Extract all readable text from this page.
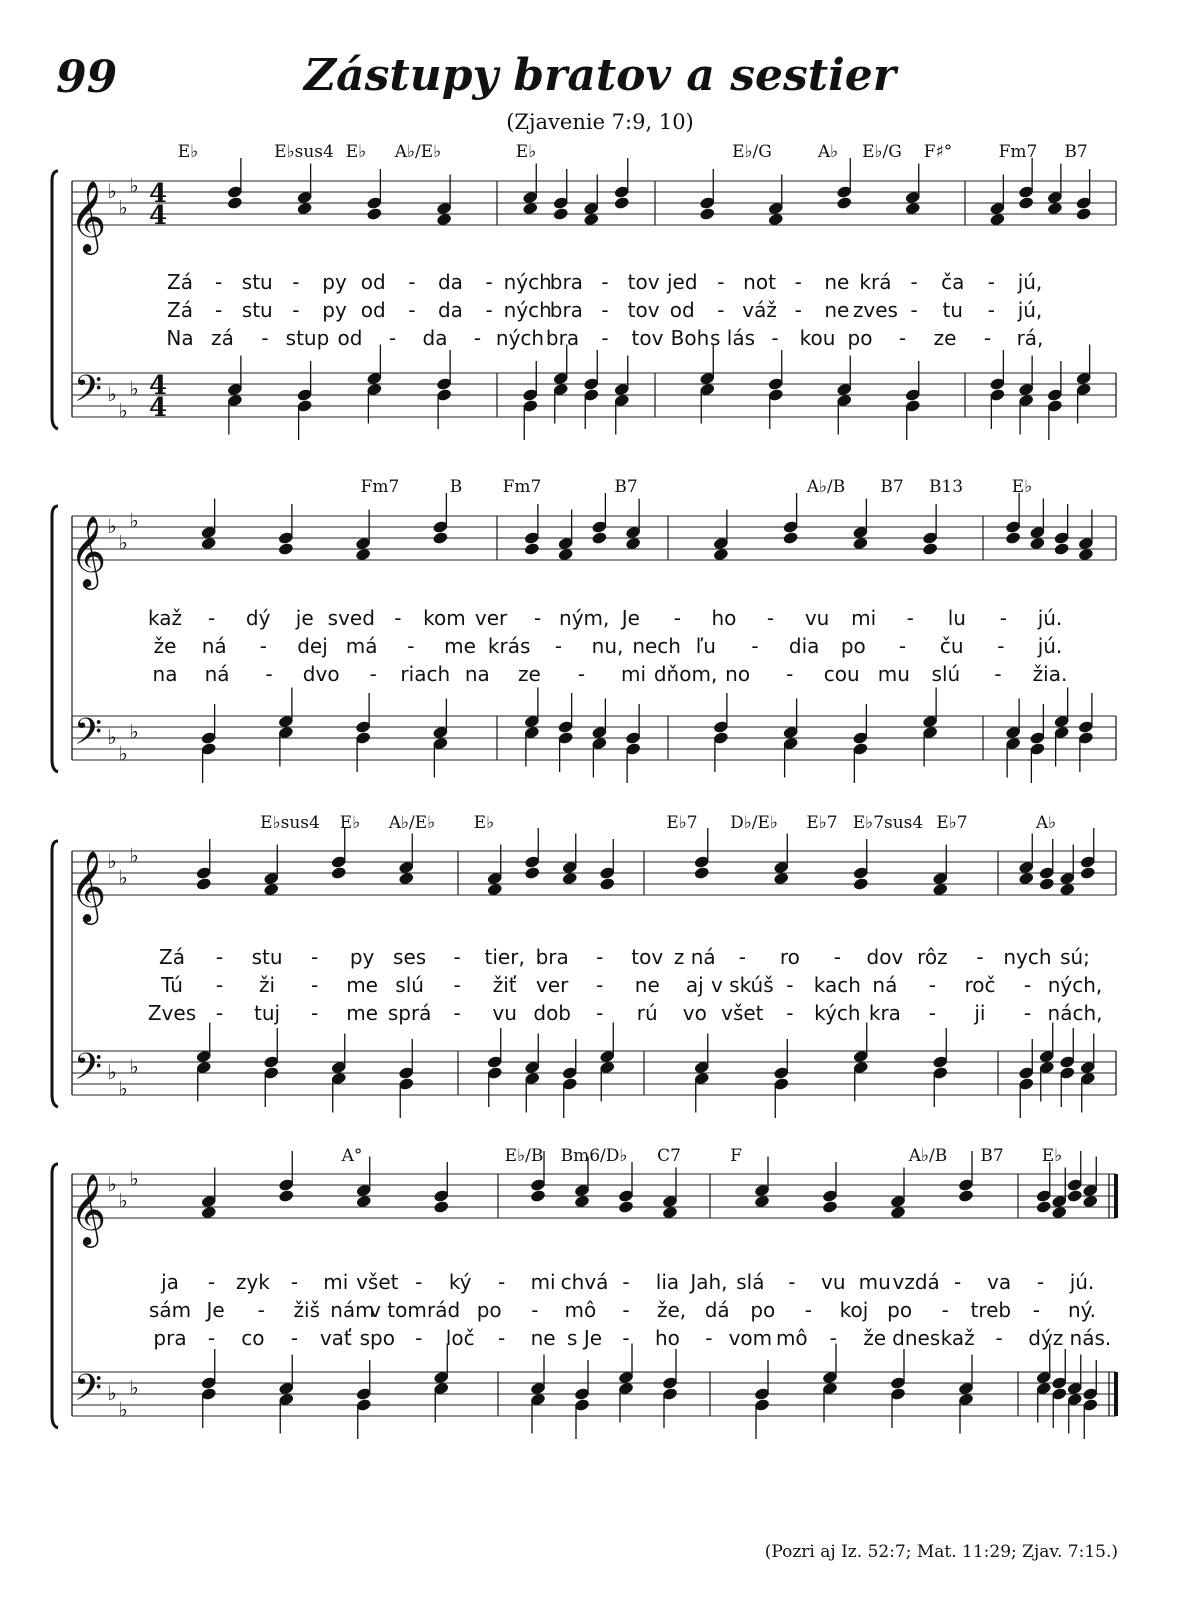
99	Zástupy bratov a sestier
(Zjavenie 7:9, 10)
𝄞 ♭
♭
♭ 4
4
𝄢 ♭
♭
♭ 4
4
E♭	E♭sus4 E♭ A♭/E♭	E♭	E♭/G	A♭ E♭/G F♯°	Fm7 B7
Zá - stu - py od - da - ných
bra - tov jed - not - ne krá - ča - jú,
Zá - stu - py od - da - ných
bra - tov od - váž - ne zves - tu - jú,
Na zá - stup od - da - ných bra - tov Boh s lás - kou po - ze - rá,
𝄞 ♭
♭
♭
𝄢 ♭
♭
♭
Fm7	B Fm7	B7	A♭/B B7 B13	E♭
kaž - dý je sved - kom ver - ným, Je - ho - vu mi - lu - jú.
že ná - dej má - me krás - nu, nech ľu - dia po - ču - jú.
na ná - dvo - riach na ze - mi dňom, no - cou mu slú - žia.
𝄞 ♭
♭
♭
𝄢 ♭
♭
♭
E♭sus4 E♭ A♭/E♭ E♭	E♭7 D♭/E♭ E♭7 E♭7sus4 E♭7	A♭
Zá - stu - py ses - tier, bra - tov z ná - ro - dov rôz - nych sú;
Tú - ži - me slú - žiť ver - ne aj v skúš - kach ná - roč - ných,
Zves - tuj - me sprá - vu dob - rú vo všet - kých kra - ji - nách,
𝄞 ♭
♭
♭
𝄢 ♭
♭
♭
A°	E♭/B Bm6/D♭ C7	F	A♭/B B7 E♭
ja - zyk - mi všet - ký - mi chvá - lia Jah, slá - vu mu vzdá - va - jú.
sám Je - žiš nám
v tom rád po - mô - že, dá po - koj po - treb - ný.
pra - co - vať spo - loč - ne s Je - ho - vom mô - že dnes kaž - dý z nás.
(Pozri aj Iz. 52:7; Mat. 11:29; Zjav. 7:15.)
